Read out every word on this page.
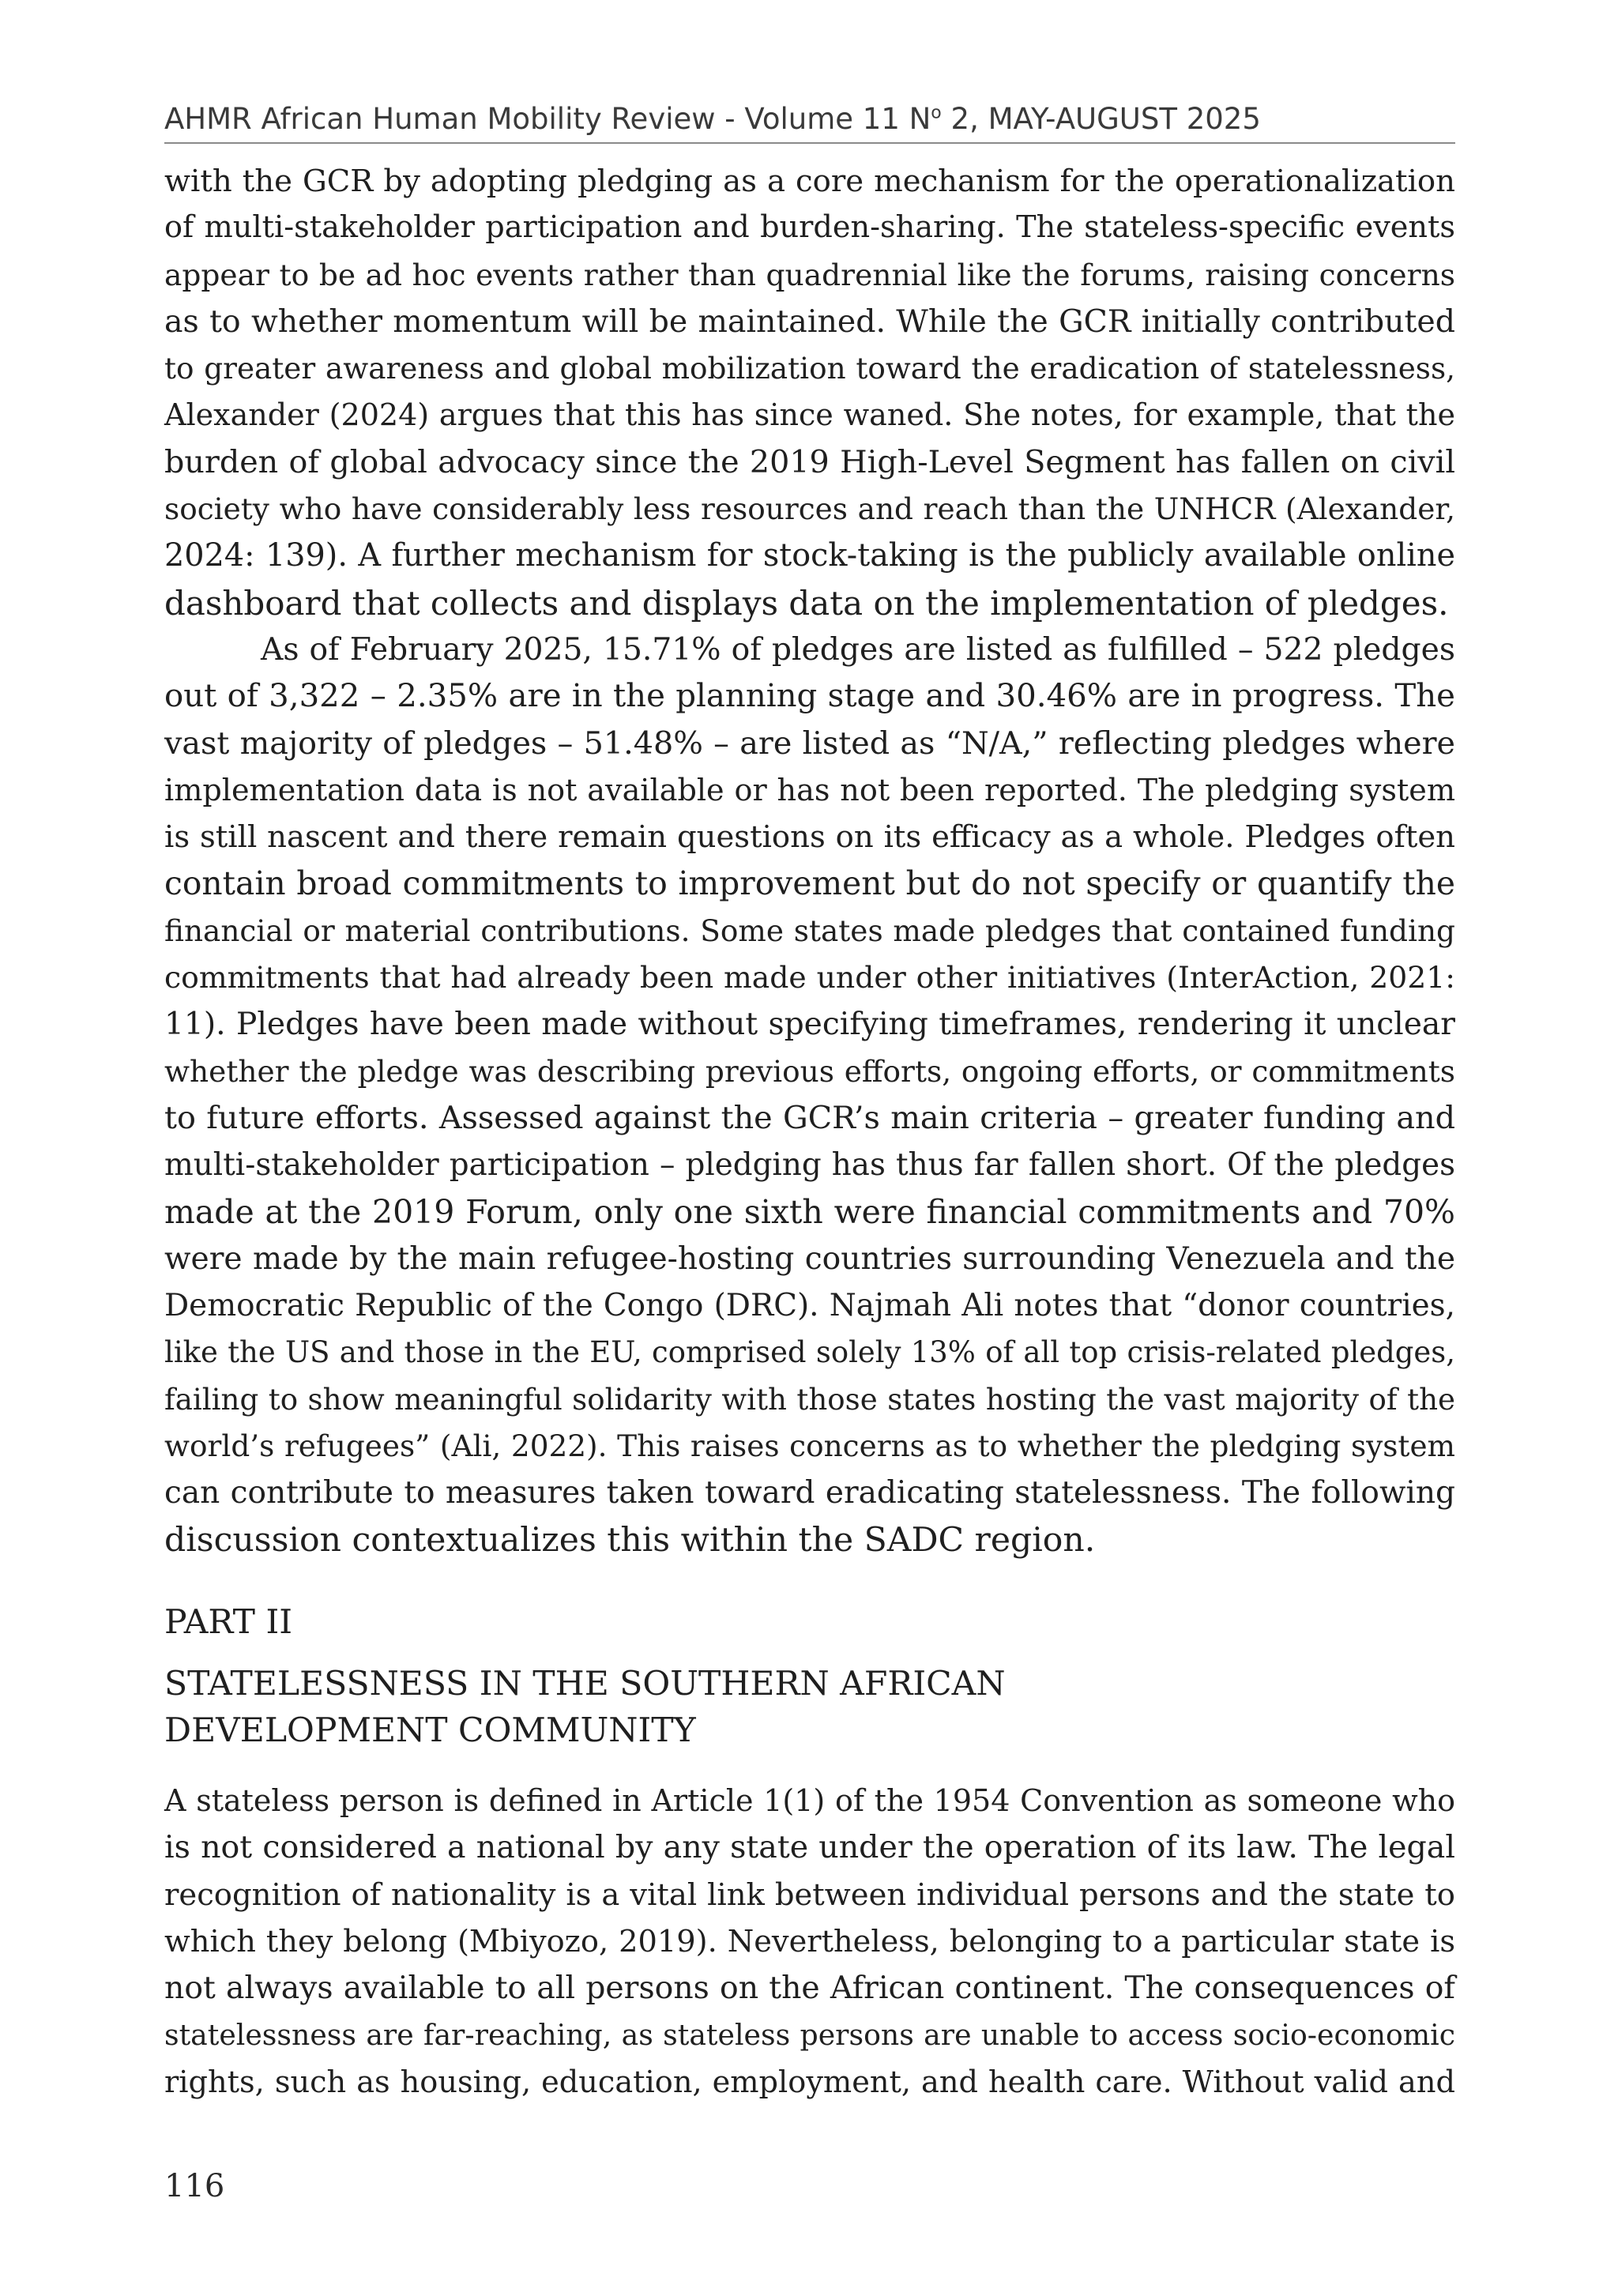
AHMR African Human Mobility Review - Volume 11 $N^o$ 2, MAY-AUGUST 2025
with the GCR by adopting pledging as a core mechanism for the operationalization
of multi-stakeholder participation and burden-sharing. The stateless-specific events
appear to be ad hoc events rather than quadrennial like the forums, raising concerns
as to whether momentum will be maintained. While the GCR initially contributed
to greater awareness and global mobilization toward the eradication of statelessness,
Alexander (2024) argues that this has since waned. She notes, for example, that the
burden of global advocacy since the 2019 High-Level Segment has fallen on civil
society who have considerably less resources and reach than the UNHCR (Alexander,
2024: 139). A further mechanism for stock-taking is the publicly available online
dashboard that collects and displays data on the implementation of pledges.
As of February 2025, 15.71% of pledges are listed as fulfilled – 522 pledges
out of 3,322 – 2.35% are in the planning stage and 30.46% are in progress. The
vast majority of pledges – 51.48% – are listed as “N/A,” reflecting pledges where
implementation data is not available or has not been reported. The pledging system
is still nascent and there remain questions on its efficacy as a whole. Pledges often
contain broad commitments to improvement but do not specify or quantify the
financial or material contributions. Some states made pledges that contained funding
commitments that had already been made under other initiatives (InterAction, 2021:
11). Pledges have been made without specifying timeframes, rendering it unclear
whether the pledge was describing previous efforts, ongoing efforts, or commitments
to future efforts. Assessed against the GCR’s main criteria – greater funding and
multi-stakeholder participation – pledging has thus far fallen short. Of the pledges
made at the 2019 Forum, only one sixth were financial commitments and 70%
were made by the main refugee-hosting countries surrounding Venezuela and the
Democratic Republic of the Congo (DRC). Najmah Ali notes that “donor countries,
like the US and those in the EU, comprised solely 13% of all top crisis-related pledges,
failing to show meaningful solidarity with those states hosting the vast majority of the
world’s refugees” (Ali, 2022). This raises concerns as to whether the pledging system
can contribute to measures taken toward eradicating statelessness. The following
discussion contextualizes this within the SADC region.
PART II
STATELESSNESS IN THE SOUTHERN AFRICAN
DEVELOPMENT COMMUNITY
A stateless person is defined in Article 1(1) of the 1954 Convention as someone who
is not considered a national by any state under the operation of its law. The legal
recognition of nationality is a vital link between individual persons and the state to
which they belong (Mbiyozo, 2019). Nevertheless, belonging to a particular state is
not always available to all persons on the African continent. The consequences of
statelessness are far-reaching, as stateless persons are unable to access socio-economic
rights, such as housing, education, employment, and health care. Without valid and
116
